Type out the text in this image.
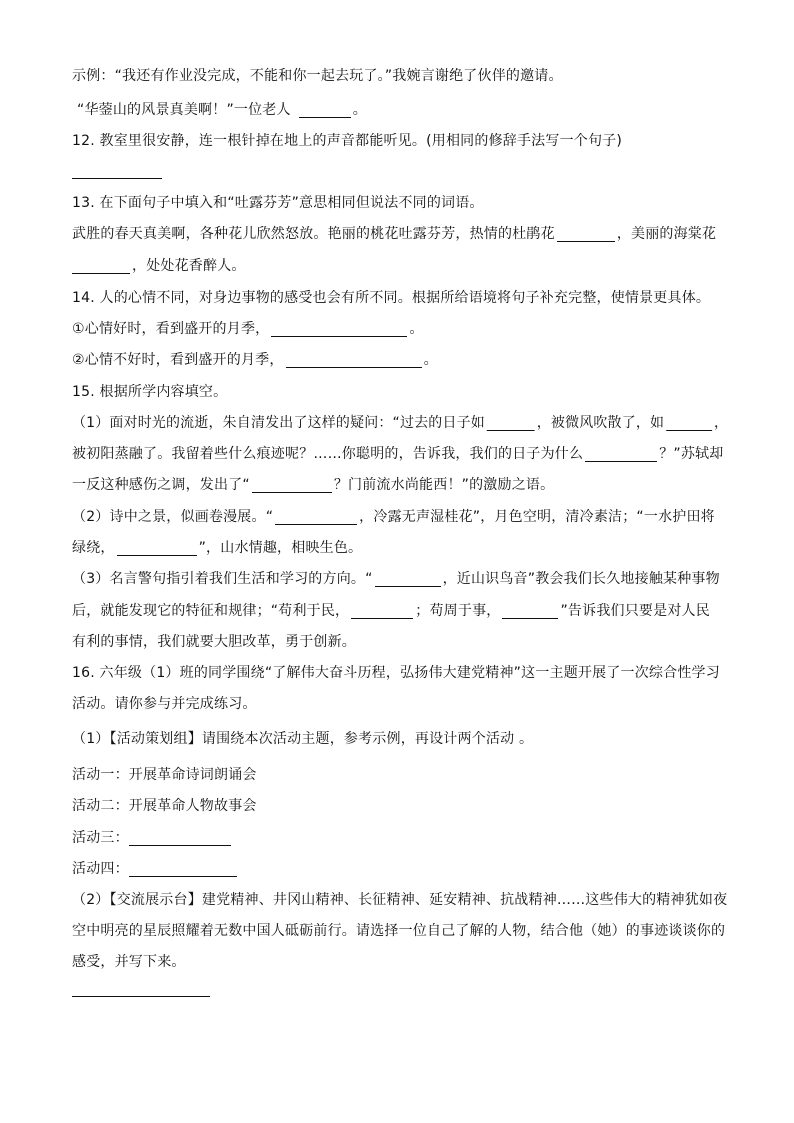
示例：“我还有作业没完成，不能和你一起去玩了。”我婉言谢绝了伙伴的邀请。
“华蓥山的风景真美啊！”一位老人	。
12. 教室里很安静，连一根针掉在地上的声音都能听见。(用相同的修辞手法写一个句子)
13. 在下面句子中填入和“吐露芬芳”意思相同但说法不同的词语。
武胜的春天真美啊，各种花儿欣然怒放。艳丽的桃花吐露芬芳，热情的杜鹃花	，美丽的海棠花
，处处花香醉人。
14. 人的心情不同，对身边事物的感受也会有所不同。根据所给语境将句子补充完整，使情景更具体。
①心情好时，看到盛开的月季，	。
②心情不好时，看到盛开的月季，	。
15. 根据所学内容填空。
（1）面对时光的流逝，朱自清发出了这样的疑问：“过去的日子如	，被微风吹散了，如	，
被初阳蒸融了。我留着些什么痕迹呢？……你聪明的，告诉我，我们的日子为什么	？”苏轼却
一反这种感伤之调，发出了“	？门前流水尚能西！”的激励之语。
（2）诗中之景，似画卷漫展。“	，冷露无声湿桂花”，月色空明，清冷素洁；“一水护田将
绿绕，	”，山水情趣，相映生色。
（3）名言警句指引着我们生活和学习的方向。“	，近山识鸟音”教会我们长久地接触某种事物
后，就能发现它的特征和规律；“苟利于民，	；苟周于事，	”告诉我们只要是对人民
有利的事情，我们就要大胆改革，勇于创新。
16. 六年级（1）班的同学围绕“了解伟大奋斗历程，弘扬伟大建党精神”这一主题开展了一次综合性学习
活动。请你参与并完成练习。
（1）【活动策划组】请围绕本次活动主题，参考示例，再设计两个活动 。
活动一：开展革命诗词朗诵会
活动二：开展革命人物故事会
活动三：
活动四：
（2）【交流展示台】建党精神、井冈山精神、长征精神、延安精神、抗战精神……这些伟大的精神犹如夜
空中明亮的星辰照耀着无数中国人砥砺前行。请选择一位自己了解的人物，结合他（她）的事迹谈谈你的
感受，并写下来。
